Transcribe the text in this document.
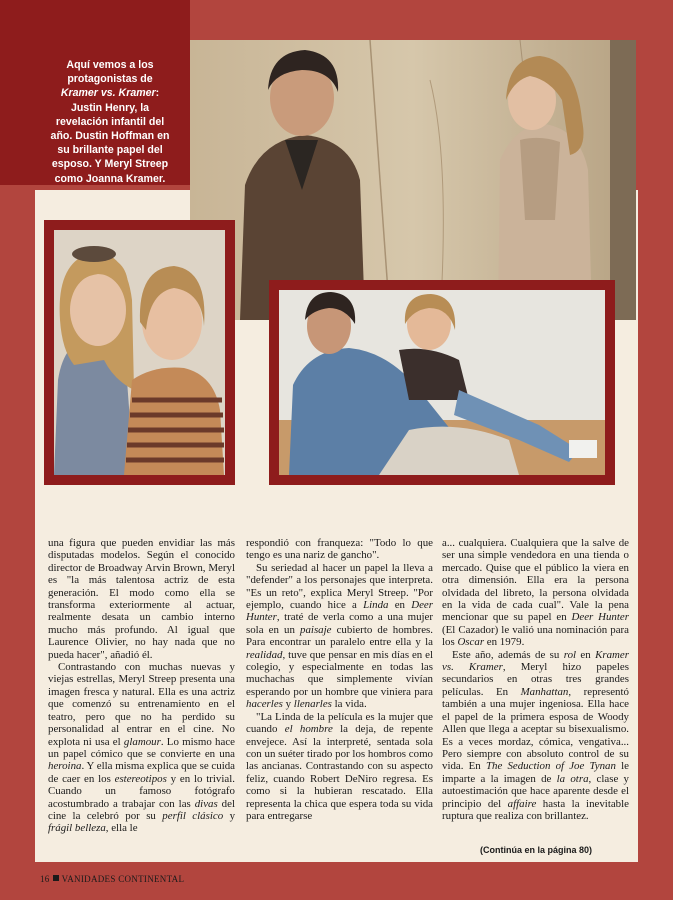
Aquí vemos a los
protagonistas de
Kramer vs. Kramer:
Justin Henry, la
revelación infantil del
año. Dustin Hoffman en
su brillante papel del
esposo. Y Meryl Streep
como Joanna Kramer.

una figura que pueden envidiar las más disputadas modelos. Según el conocido director de Broadway Arvin Brown, Meryl es "la más talentosa actriz de esta generación. El modo como ella se transforma exteriormente al actuar, realmente desata un cambio interno mucho más profundo. Al igual que Laurence Olivier, no hay nada que no pueda hacer", añadió él.

Contrastando con muchas nuevas y viejas estrellas, Meryl Streep presenta una imagen fresca y natural. Ella es una actriz que comenzó su entrenamiento en el teatro, pero que no ha perdido su personalidad al entrar en el cine. No explota ni usa el glamour. Lo mismo hace un papel cómico que se convierte en una heroina. Y ella misma explica que se cuida de caer en los estereotipos y en lo trivial. Cuando un famoso fotógrafo acostumbrado a trabajar con las divas del cine la celebró por su perfil clásico y frágil belleza, ella le

respondió con franqueza: "Todo lo que tengo es una nariz de gancho".

Su seriedad al hacer un papel la lleva a "defender" a los personajes que interpreta. "Es un reto", explica Meryl Streep. "Por ejemplo, cuando hice a Linda en Deer Hunter, traté de verla como a una mujer sola en un paisaje cubierto de hombres. Para encontrar un paralelo entre ella y la realidad, tuve que pensar en mis días en el colegio, y especialmente en todas las muchachas que simplemente vivían esperando por un hombre que viniera para hacerles y llenarles la vida.

"La Linda de la película es la mujer que cuando el hombre la deja, de repente envejece. Así la interpreté, sentada sola con un suéter tirado por los hombros como las ancianas. Contrastando con su aspecto feliz, cuando Robert DeNiro regresa. Es como si la hubieran rescatado. Ella representa la chica que espera toda su vida para entregarse

a... cualquiera. Cualquiera que la salve de ser una simple vendedora en una tienda o mercado. Quise que el público la viera en otra dimensión. Ella era la persona olvidada del libreto, la persona olvidada en la vida de cada cual". Vale la pena mencionar que su papel en Deer Hunter (El Cazador) le valió una nominación para los Oscar en 1979.

Este año, además de su rol en Kramer vs. Kramer, Meryl hizo papeles secundarios en otras tres grandes películas. En Manhattan, representó también a una mujer ingeniosa. Ella hace el papel de la primera esposa de Woody Allen que llega a aceptar su bisexualismo. Es a veces mordaz, cómica, vengativa... Pero siempre con absoluto control de su vida. En The Seduction of Joe Tynan le imparte a la imagen de la otra, clase y autoestimación que hace aparente desde el principio del affaire hasta la inevitable ruptura que realiza con brillantez.

(Continúa en la página 80)
16 VANIDADES CONTINENTAL
